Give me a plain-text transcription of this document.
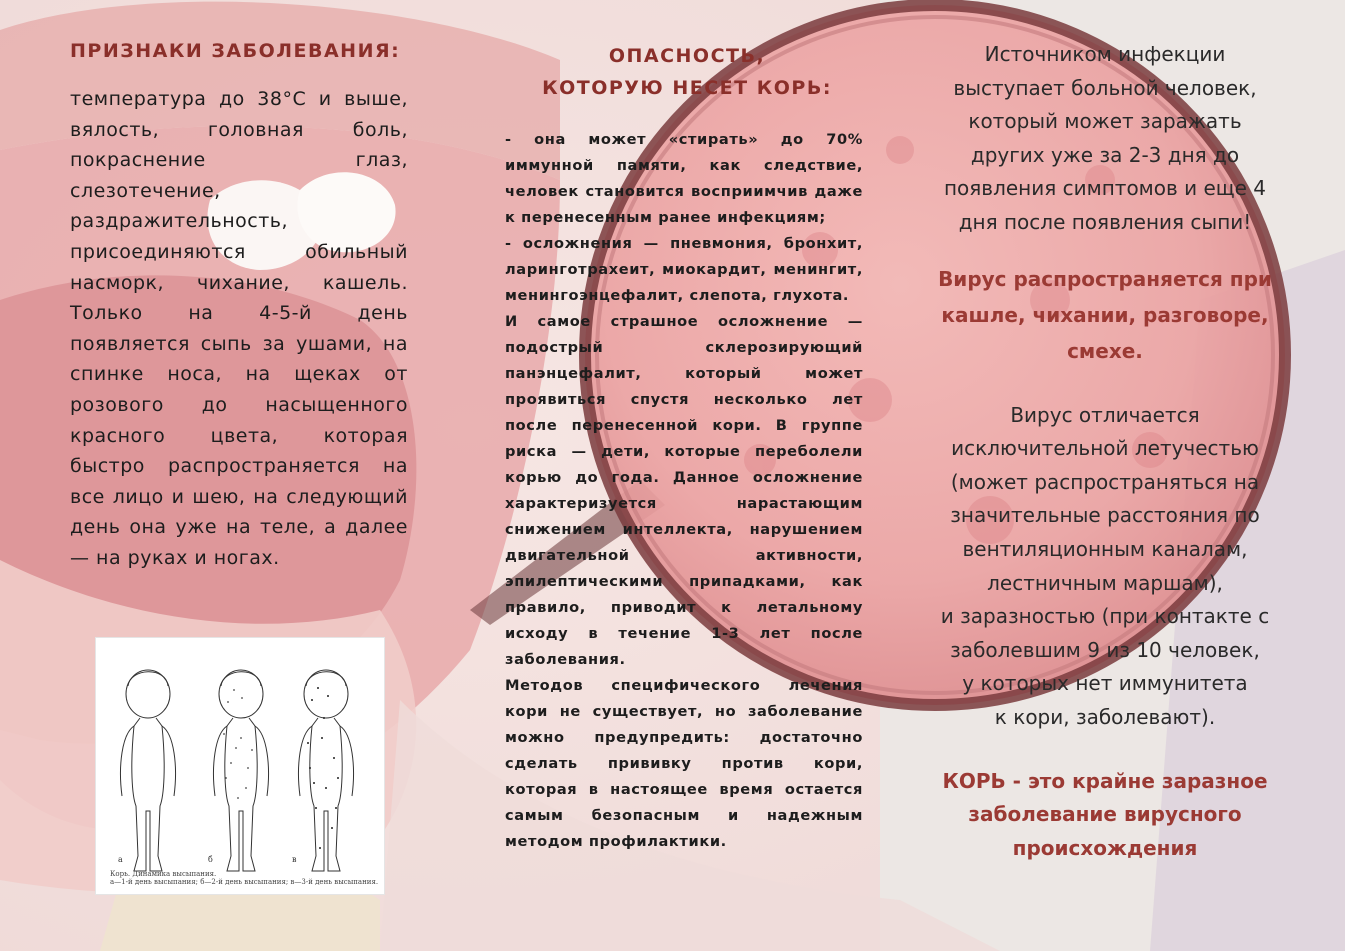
ПРИЗНАКИ ЗАБОЛЕВАНИЯ:
температура до 38°С и выше, вялость, головная боль, покраснение глаз, слезотечение, раздражительность, присоединяются обильный насморк, чихание, кашель. Только на 4-5-й день появляется сыпь за ушами, на спинке носа, на щеках от розового до насыщенного красного цвета, которая быстро распространяется на все лицо и шею, на следующий день она уже на теле, а далее — на руках и ногах.
а	б	в
Корь. Динамика высыпания.
а—1-й день высыпания; б—2-й день высыпания; в—3-й день высыпания.
ОПАСНОСТЬ,
КОТОРУЮ НЕСЕТ КОРЬ:

- она может «стирать» до 70% иммунной памяти, как следствие, человек становится восприимчив даже к перенесенным ранее инфекциям;

- осложнения — пневмония, бронхит, ларинготрахеит, миокардит, менингит, менингоэнцефалит, слепота, глухота.

И самое страшное осложнение — подострый склерозирующий панэнцефалит, который может проявиться спустя несколько лет после перенесенной кори. В группе риска — дети, которые переболели корью до года. Данное осложнение характеризуется нарастающим снижением интеллекта, нарушением двигательной активности, эпилептическими припадками, как правило, приводит к летальному исходу в течение 1-3 лет после заболевания.

Методов специфического лечения кори не существует, но заболевание можно предупредить: достаточно сделать прививку против кори, которая в настоящее время остается самым безопасным и надежным методом профилактики.

Источником инфекции

выступает больной человек,

который может заражать

других уже за 2-3 дня до

появления симптомов и еще 4

дня после появления сыпи!

Вирус распространяется при

кашле, чихании, разговоре,

смехе.

Вирус отличается

исключительной летучестью

(может распространяться на

значительные расстояния по

вентиляционным каналам,

лестничным маршам),

и заразностью (при контакте с

заболевшим 9 из 10 человек,

у которых нет иммунитета

к кори, заболевают).

КОРЬ - это крайне заразное

заболевание вирусного

происхождения
